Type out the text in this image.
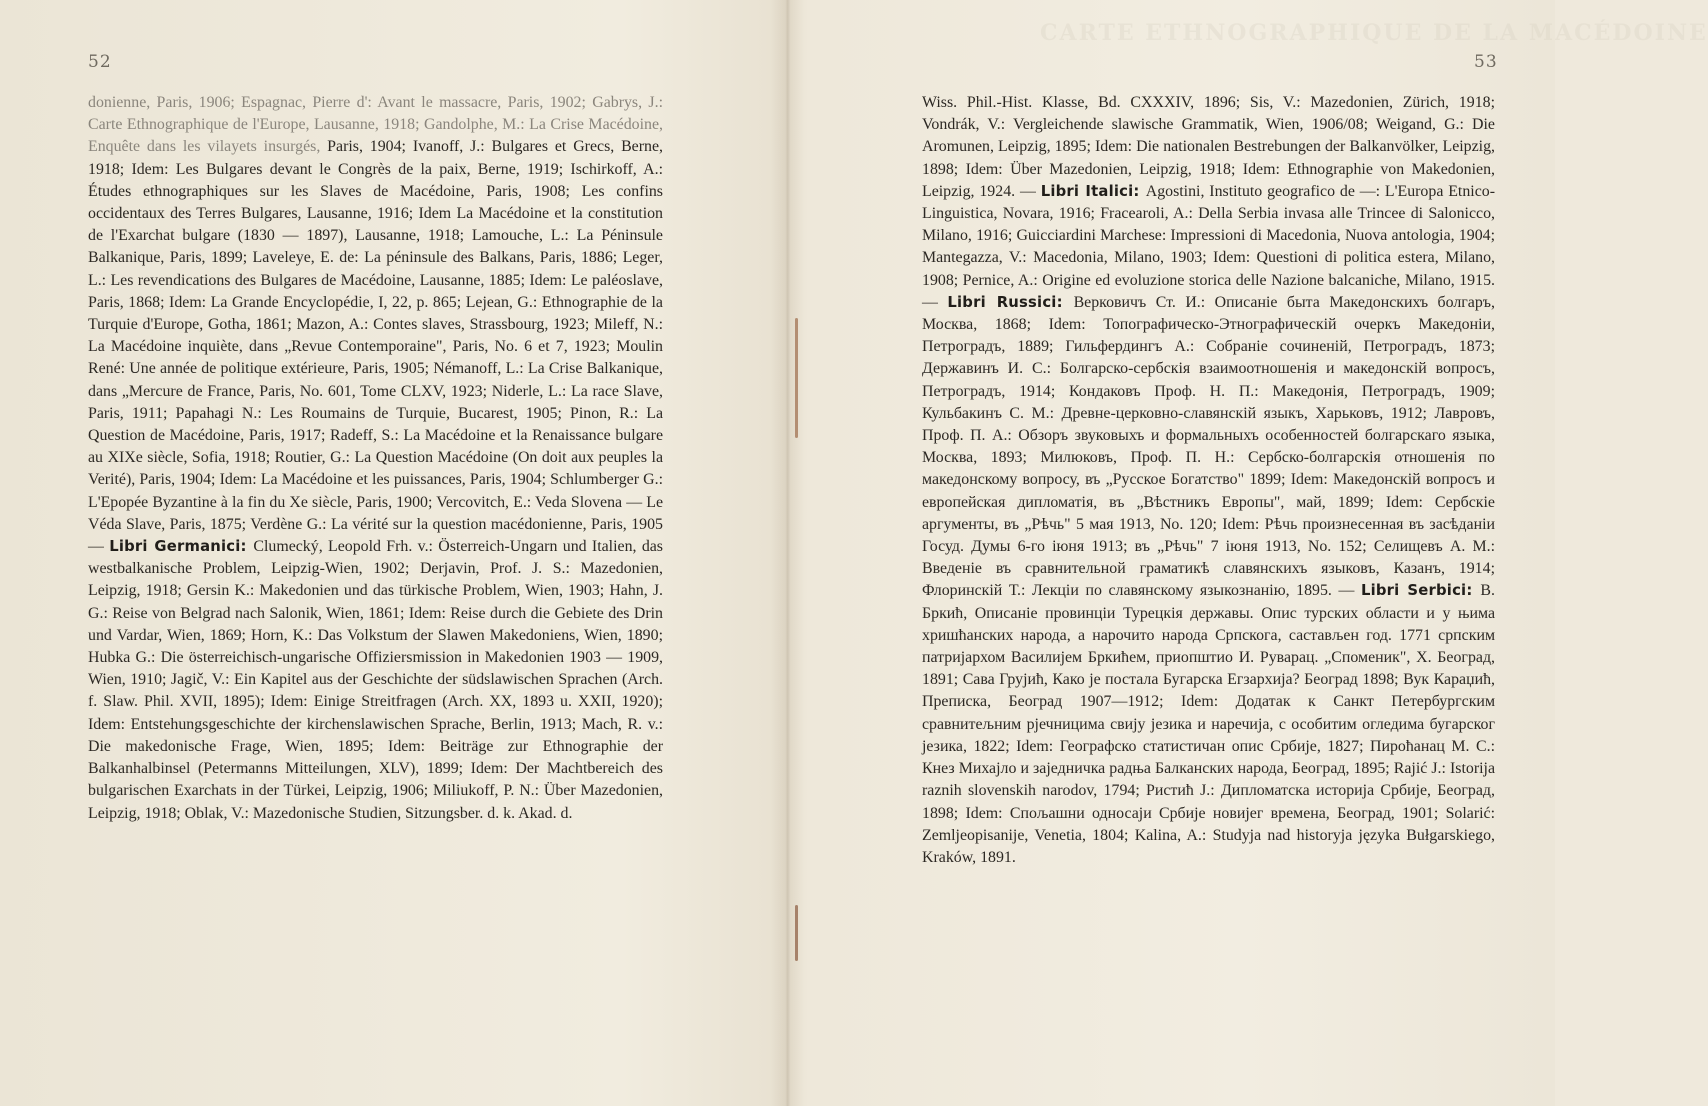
52
donienne, Paris, 1906; Espagnac, Pierre d': Avant le massacre, Paris, 1902; Gabrys, J.: Carte Ethnographique de l'Europe, Lausanne, 1918; Gandolphe, M.: La Crise Macédoine, Enquête dans les vilayets insurgés, Paris, 1904; Ivanoff, J.: Bulgares et Grecs, Berne, 1918; Idem: Les Bulgares devant le Congrès de la paix, Berne, 1919; Ischirkoff, A.: Études ethnographiques sur les Slaves de Macédoine, Paris, 1908; Les confins occidentaux des Terres Bulgares, Lausanne, 1916; Idem La Macédoine et la constitution de l'Exarchat bulgare (1830 — 1897), Lausanne, 1918; Lamouche, L.: La Péninsule Balkanique, Paris, 1899; Laveleye, E. de: La péninsule des Balkans, Paris, 1886; Leger, L.: Les revendications des Bulgares de Macédoine, Lausanne, 1885; Idem: Le paléoslave, Paris, 1868; Idem: La Grande Encyclopédie, I, 22, p. 865; Lejean, G.: Ethnographie de la Turquie d'Europe, Gotha, 1861; Mazon, A.: Contes slaves, Strassbourg, 1923; Mileff, N.: La Macédoine inquiète, dans „Revue Contemporaine", Paris, No. 6 et 7, 1923; Moulin René: Une année de politique extérieure, Paris, 1905; Némanoff, L.: La Crise Balkanique, dans „Mercure de France, Paris, No. 601, Tome CLXV, 1923; Niderle, L.: La race Slave, Paris, 1911; Papahagi N.: Les Roumains de Turquie, Bucarest, 1905; Pinon, R.: La Question de Macédoine, Paris, 1917; Radeff, S.: La Macédoine et la Renaissance bulgare au XIXe siècle, Sofia, 1918; Routier, G.: La Question Macédoine (On doit aux peuples la Verité), Paris, 1904; Idem: La Macédoine et les puissances, Paris, 1904; Schlumberger G.: L'Epopée Byzantine à la fin du Xe siècle, Paris, 1900; Vercovitch, E.: Veda Slovena — Le Véda Slave, Paris, 1875; Verdène G.: La vérité sur la question macédonienne, Paris, 1905 — Libri Germanici: Clumecký, Leopold Frh. v.: Österreich-Ungarn und Italien, das westbalkanische Problem, Leipzig-Wien, 1902; Derjavin, Prof. J. S.: Mazedonien, Leipzig, 1918; Gersin K.: Makedonien und das türkische Problem, Wien, 1903; Hahn, J. G.: Reise von Belgrad nach Salonik, Wien, 1861; Idem: Reise durch die Gebiete des Drin und Vardar, Wien, 1869; Horn, K.: Das Volkstum der Slawen Makedoniens, Wien, 1890; Hubka G.: Die österreichisch-ungarische Offiziersmission in Makedonien 1903 — 1909, Wien, 1910; Jagič, V.: Ein Kapitel aus der Geschichte der südslawischen Sprachen (Arch. f. Slaw. Phil. XVII, 1895); Idem: Einige Streitfragen (Arch. XX, 1893 u. XXII, 1920); Idem: Entstehungsgeschichte der kirchenslawischen Sprache, Berlin, 1913; Mach, R. v.: Die makedonische Frage, Wien, 1895; Idem: Beiträge zur Ethnographie der Balkanhalbinsel (Petermanns Mitteilungen, XLV), 1899; Idem: Der Machtbereich des bulgarischen Exarchats in der Türkei, Leipzig, 1906; Miliukoff, P. N.: Über Mazedonien, Leipzig, 1918; Oblak, V.: Mazedonische Studien, Sitzungsber. d. k. Akad. d.
CARTE ETHNOGRAPHIQUE DE LA MACÉDOINE
53
Wiss. Phil.-Hist. Klasse, Bd. CXXXIV, 1896; Sis, V.: Mazedonien, Zürich, 1918; Vondrák, V.: Vergleichende slawische Grammatik, Wien, 1906/08; Weigand, G.: Die Aromunen, Leipzig, 1895; Idem: Die nationalen Bestrebungen der Balkanvölker, Leipzig, 1898; Idem: Über Mazedonien, Leipzig, 1918; Idem: Ethnographie von Makedonien, Leipzig, 1924. — Libri Italici: Agostini, Instituto geografico de —: L'Europa Etnico-Linguistica, Novara, 1916; Fracearoli, A.: Della Serbia invasa alle Trincee di Salonicco, Milano, 1916; Guicciardini Marchese: Impressioni di Macedonia, Nuova antologia, 1904; Mantegazza, V.: Macedonia, Milano, 1903; Idem: Questioni di politica estera, Milano, 1908; Pernice, A.: Origine ed evoluzione storica delle Nazione balcaniche, Milano, 1915. — Libri Russici: Верковичъ Ст. И.: Описаніе быта Македонскихъ болгаръ, Москва, 1868; Idem: Топографическо-Этнографическій очеркъ Македоніи, Петроградъ, 1889; Гильфердингъ А.: Собраніе сочиненій, Петроградъ, 1873; Державинъ И. С.: Болгарско-сербскія взаимоотношенія и македонскій вопросъ, Петроградъ, 1914; Кондаковъ Проф. Н. П.: Македонія, Петроградъ, 1909; Кульбакинъ С. М.: Древне-церковно-славянскій языкъ, Харьковъ, 1912; Лавровъ, Проф. П. А.: Обзоръ звуковыхъ и формальныхъ особенностей болгарскаго языка, Москва, 1893; Милюковъ, Проф. П. Н.: Сербско-болгарскія отношенія по македонскому вопросу, въ „Русское Богатство" 1899; Idem: Македонскій вопросъ и европейская дипломатія, въ „Вѣстникъ Европы", май, 1899; Idem: Сербскіе аргументы, въ „Рѣчь" 5 мая 1913, No. 120; Idem: Рѣчь произнесенная въ засѣданіи Госуд. Думы 6-го іюня 1913; въ „Рѣчь" 7 іюня 1913, No. 152; Селищевъ А. М.: Введеніе въ сравнительной граматикѣ славянскихъ языковъ, Казанъ, 1914; Флоринскій Т.: Лекціи по славянскому языкознанію, 1895. — Libri Serbici: В. Бркић, Описаніе провинціи Турецкія державы. Опис турских области и у њима хришћанских народа, а нарочито народа Српскога, састављен год. 1771 српским патријархом Василијем Бркићем, приопштио И. Руварац. „Споменик", Х. Београд, 1891; Сава Грујић, Како је постала Бугарска Егзархија? Београд 1898; Вук Караџић, Преписка, Београд 1907—1912; Idem: Додатак к Санкт Петербургским сравнитељним рјечницима свију језика и наречија, с особитим огледима бугарског језика, 1822; Idem: Географско статистичан опис Србије, 1827; Пироћанац М. С.: Кнез Михајло и заједничка радња Балканских народа, Београд, 1895; Rajić J.: Istorija raznih slovenskih narodov, 1794; Ристић Ј.: Дипломатска историја Србије, Београд, 1898; Idem: Спољашни односаји Србије новијег времена, Београд, 1901; Solarić: Zemljeopisanije, Venetia, 1804; Kalina, A.: Studyja nad historyja języka Bułgarskiego, Kraków, 1891.
